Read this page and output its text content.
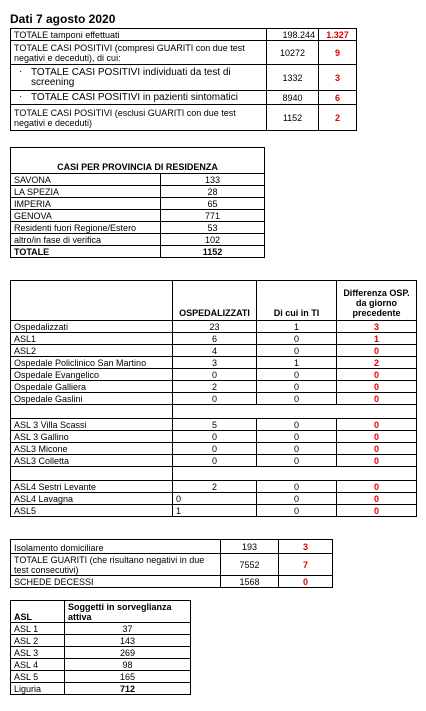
Dati 7 agosto 2020
TOTALE tamponi effettuati	198.244	1.327
TOTALE CASI POSITIVI (compresi GUARITI con due test negativi e deceduti), di cui:	10272	9

· TOTALE CASI POSITIVI individuati da test di screening	1332	3

· TOTALE CASI POSITIVI in pazienti sintomatici	8940	6
TOTALE CASI POSITIVI (esclusi GUARITI con due test negativi e deceduti)	1152	2
CASI PER PROVINCIA DI RESIDENZA	
SAVONA	133
LA SPEZIA	28
IMPERIA	65
GENOVA	771
Residenti fuori Regione/Estero	53
altro/in fase di verifica	102
TOTALE	1152
	OSPEDALIZZATI	Di cui in TI	Differenza OSP. da giorno precedente
Ospedalizzati	23	1	3
ASL1	6	0	1
ASL2	4	0	0
Ospedale Policlinico San Martino	3	1	2
Ospedale Evangelico	0	0	0
Ospedale Galliera	2	0	0
Ospedale Gaslini	0	0	0

ASL 3 Villa Scassi	5	0	0
ASL 3 Gallino	0	0	0
ASL3 Micone	0	0	0
ASL3 Colletta	0	0	0

ASL4 Sestri Levante	2	0	0
ASL4 Lavagna	0	0	0
ASL5	1	0	0
Isolamento domiciliare	193	3
TOTALE GUARITI (che risultano negativi in due test consecutivi)	7552	7
SCHEDE DECESSI	1568	0
ASL	Soggetti in sorveglianza attiva
ASL 1	37
ASL 2	143
ASL 3	269
ASL 4	98
ASL 5	165
Liguria	712
